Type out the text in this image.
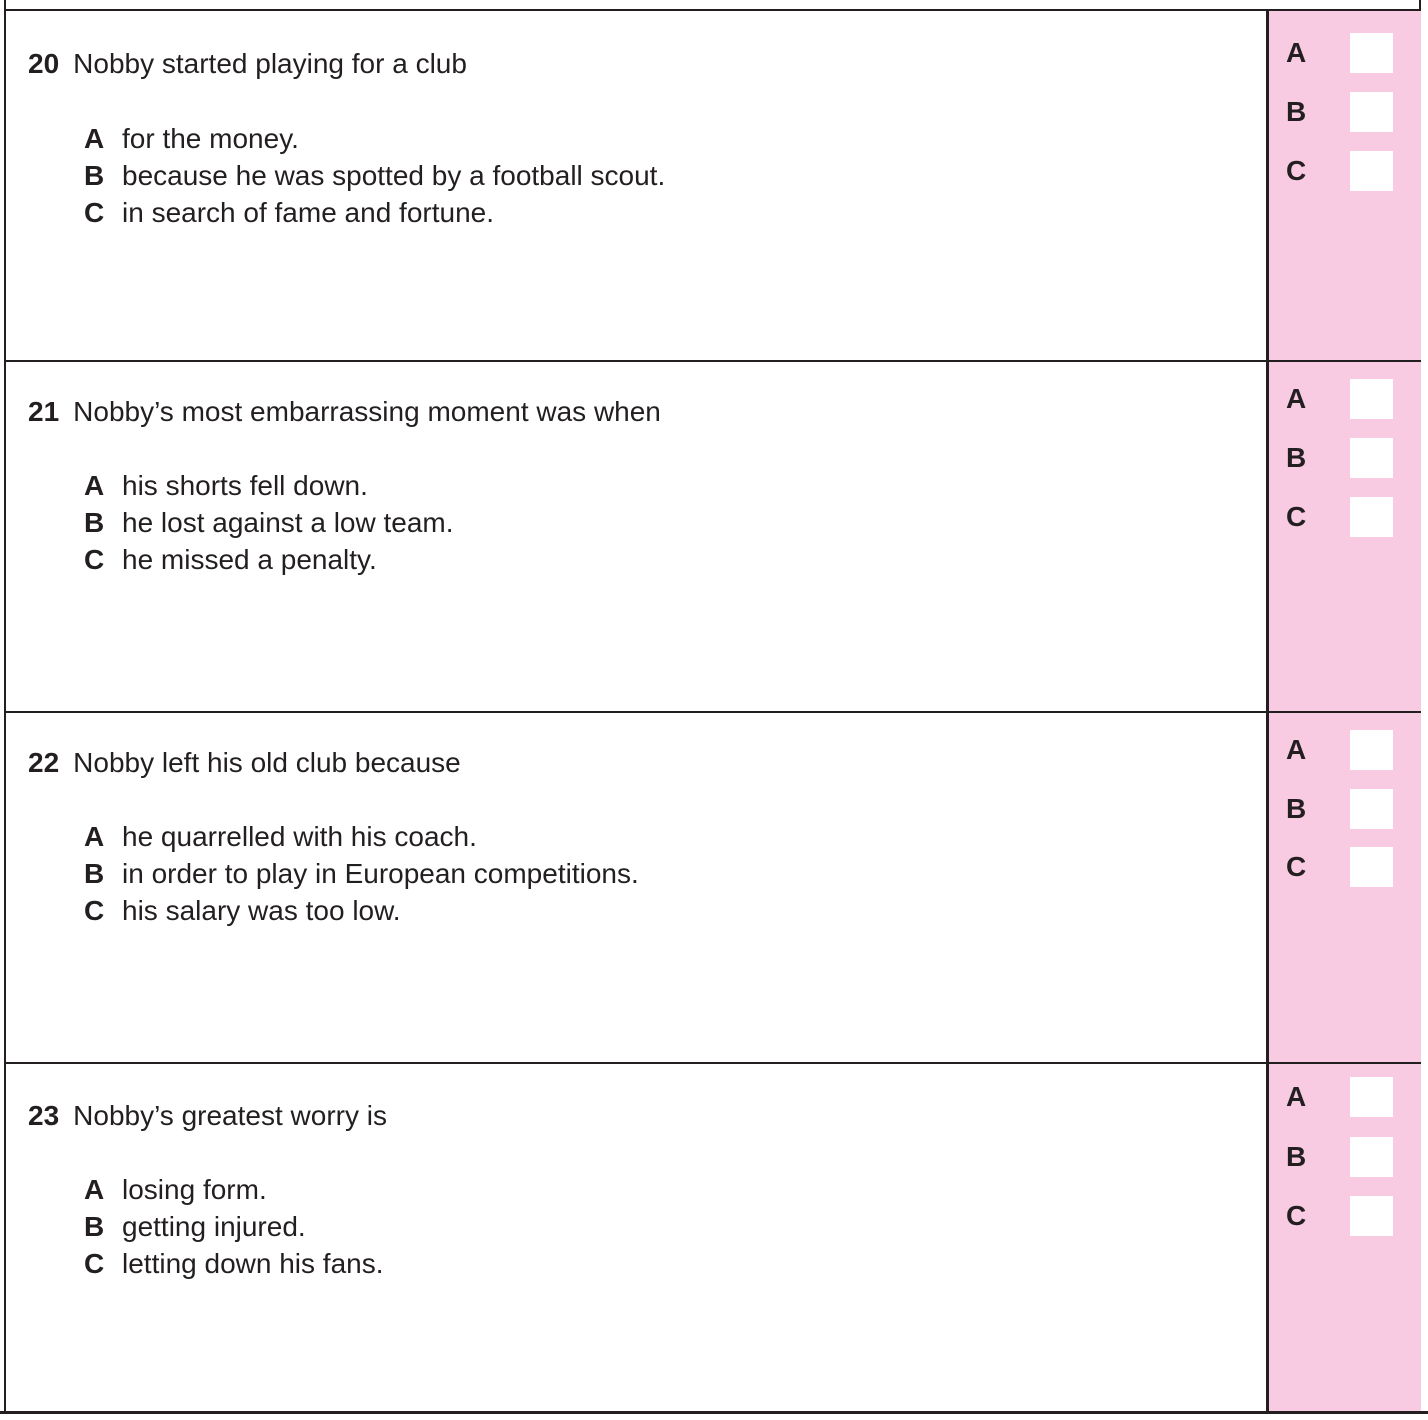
20 Nobby started playing for a club
A for the money.
B because he was spotted by a football scout.
C in search of fame and fortune.
A
B
C
21 Nobby’s most embarrassing moment was when
A his shorts fell down.
B he lost against a low team.
C he missed a penalty.
A
B
C
22 Nobby left his old club because
A he quarrelled with his coach.
B in order to play in European competitions.
C his salary was too low.
A
B
C
23 Nobby’s greatest worry is
A losing form.
B getting injured.
C letting down his fans.
A
B
C
